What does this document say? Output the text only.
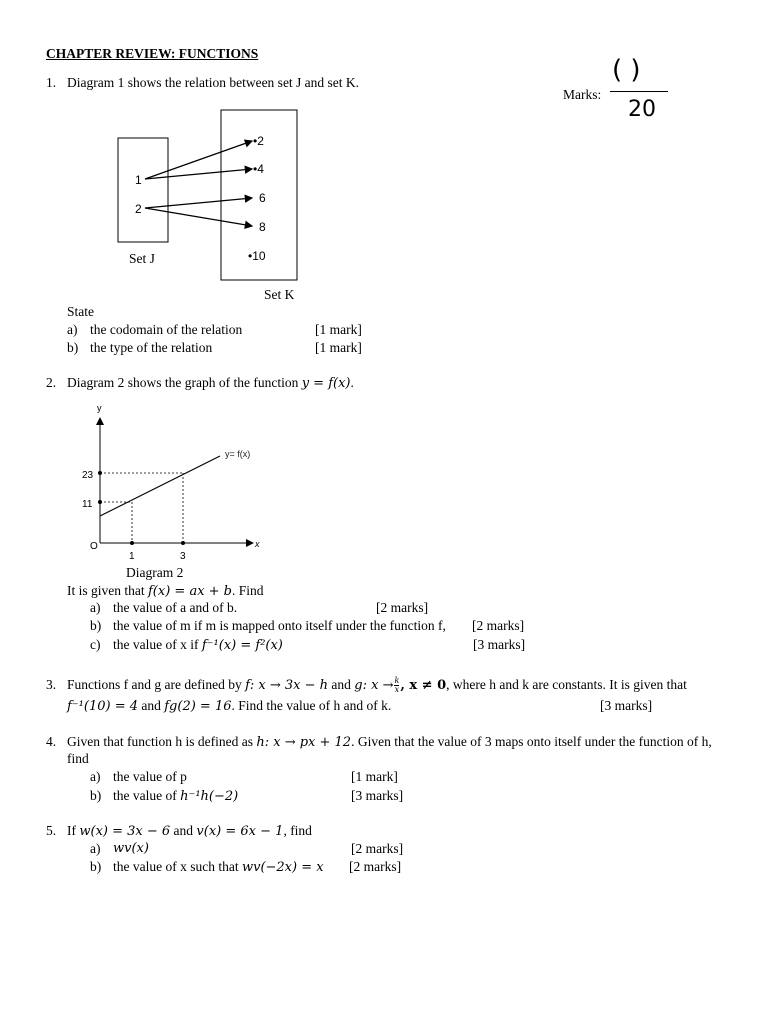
CHAPTER REVIEW: FUNCTIONS
Marks:
( )
20
1. Diagram 1 shows the relation between set J and set K.
1
2
•2
•4
6
8
•10
Set J
Set K
State
a) the codomain of the relation	[1 mark]
b) the type of the relation	[1 mark]
2. Diagram 2 shows the graph of the function y = f(x).
y
x
O
y= f(x)
23
11
1	3
Diagram 2
It is given that f(x) = ax + b. Find
a) the value of a and of b.	[2 marks]
b) the value of m if m is mapped onto itself under the function f, [2 marks]
c) the value of x if f⁻¹(x) = f²(x)	[3 marks]
3. Functions f and g are defined by f: x → 3x − h and g: $x \to \frac{k}{x}$ , x ≠ 0, where h and k are constants. It is given that
f⁻¹(10) = 4 and fg(2) = 16. Find the value of h and of k.	[3 marks]
4. Given that function h is defined as h: x → px + 12. Given that the value of 3 maps onto itself under the function of h,
find
a) the value of p	[1 mark]
b) the value of h⁻¹h(−2)	[3 marks]
5. If w(x) = 3x − 6 and v(x) = 6x − 1, find
a) wv(x)	[2 marks]
b) the value of x such that wv(−2x) = x [2 marks]
